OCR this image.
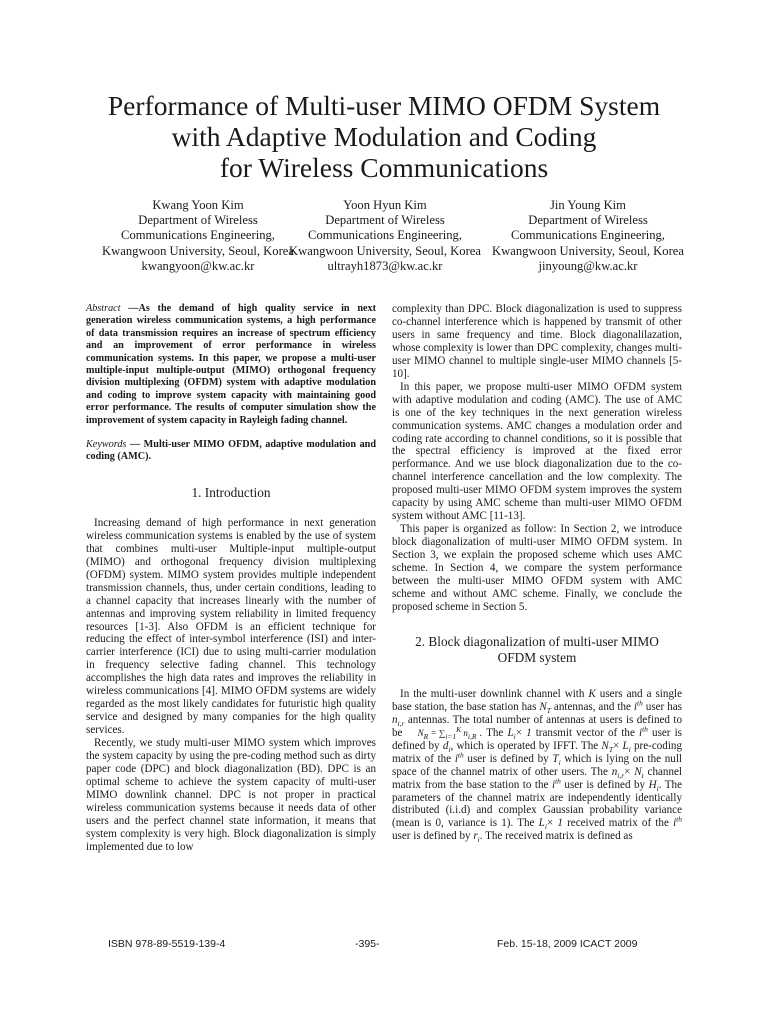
Performance of Multi-user MIMO OFDM System
with Adaptive Modulation and Coding
for Wireless Communications
Kwang Yoon Kim
Department of Wireless
Communications Engineering,
Kwangwoon University, Seoul, Korea
kwangyoon@kw.ac.kr
Yoon Hyun Kim
Department of Wireless
Communications Engineering,
Kwangwoon University, Seoul, Korea
ultrayh1873@kw.ac.kr
Jin Young Kim
Department of Wireless
Communications Engineering,
Kwangwoon University, Seoul, Korea
jinyoung@kw.ac.kr

Abstract —As the demand of high quality service in next generation wireless communication systems, a high performance of data transmission requires an increase of spectrum efficiency and an improvement of error performance in wireless communication systems. In this paper, we propose a multi-user multiple-input multiple-output (MIMO) orthogonal frequency division multiplexing (OFDM) system with adaptive modulation and coding to improve system capacity with maintaining good error performance. The results of computer simulation show the improvement of system capacity in Rayleigh fading channel.

Keywords — Multi-user MIMO OFDM, adaptive modulation and coding (AMC).

1. Introduction

Increasing demand of high performance in next generation wireless communication systems is enabled by the use of system that combines multi-user Multiple-input multiple-output (MIMO) and orthogonal frequency division multiplexing (OFDM) system. MIMO system provides multiple independent transmission channels, thus, under certain conditions, leading to a channel capacity that increases linearly with the number of antennas and improving system reliability in limited frequency resources [1-3]. Also OFDM is an efficient technique for reducing the effect of inter-symbol interference (ISI) and inter-carrier interference (ICI) due to using multi-carrier modulation in frequency selective fading channel. This technology accomplishes the high data rates and improves the reliability in wireless communications [4]. MIMO OFDM systems are widely regarded as the most likely candidates for futuristic high quality service and designed by many companies for the high quality services.

Recently, we study multi-user MIMO system which improves the system capacity by using the pre-coding method such as dirty paper code (DPC) and block diagonalization (BD). DPC is an optimal scheme to achieve the system capacity of multi-user MIMO downlink channel. DPC is not proper in practical wireless communication systems because it needs data of other users and the perfect channel state information, it means that system complexity is very high. Block diagonalization is simply implemented due to low

complexity than DPC. Block diagonalization is used to suppress co-channel interference which is happened by transmit of other users in same frequency and time. Block diagonalilazation, whose complexity is lower than DPC complexity, changes multi-user MIMO channel to multiple single-user MIMO channels [5-10].

In this paper, we propose multi-user MIMO OFDM system with adaptive modulation and coding (AMC). The use of AMC is one of the key techniques in the next generation wireless communication systems. AMC changes a modulation order and coding rate according to channel conditions, so it is possible that the spectral efficiency is improved at the fixed error performance. And we use block diagonalization due to the co-channel interference cancellation and the low complexity. The proposed multi-user MIMO OFDM system improves the system capacity by using AMC scheme than multi-user MIMO OFDM system without AMC [11-13].

This paper is organized as follow: In Section 2, we introduce block diagonalization of multi-user MIMO OFDM system. In Section 3, we explain the proposed scheme which uses AMC scheme. In Section 4, we compare the system performance between the multi-user MIMO OFDM system with AMC scheme and without AMC scheme. Finally, we conclude the proposed scheme in Section 5.

2. Block diagonalization of multi-user MIMO
OFDM system

In the multi-user downlink channel with K users and a single base station, the base station has $N_T$ antennas, and the $i^{th}$ user has $n_{i,r}$ antennas. The total number of antennas at users is defined to be $N_R = \sum_{i=1}^K$ $n_{i,R}$ . The $L_i\times 1$ transmit vector of the $i^{th}$ user is defined by $d_i$, which is operated by IFFT. The $N_T\times L_i$ pre-coding matrix of the $i^{th}$ user is defined by $T_i$ which is lying on the null space of the channel matrix of other users. The $n_{i,r}\times N_t$ channel matrix from the base station to the $i^{th}$ user is defined by $H_i$. The parameters of the channel matrix are independently identically distributed (i.i.d) and complex Gaussian probability variance (mean is 0, variance is 1). The $L_i\times 1$ received matrix of the $i^{th}$ user is defined by $r_i$. The received matrix is defined as

ISBN 978-89-5519-139-4	-395-	Feb. 15-18, 2009 ICACT 2009
